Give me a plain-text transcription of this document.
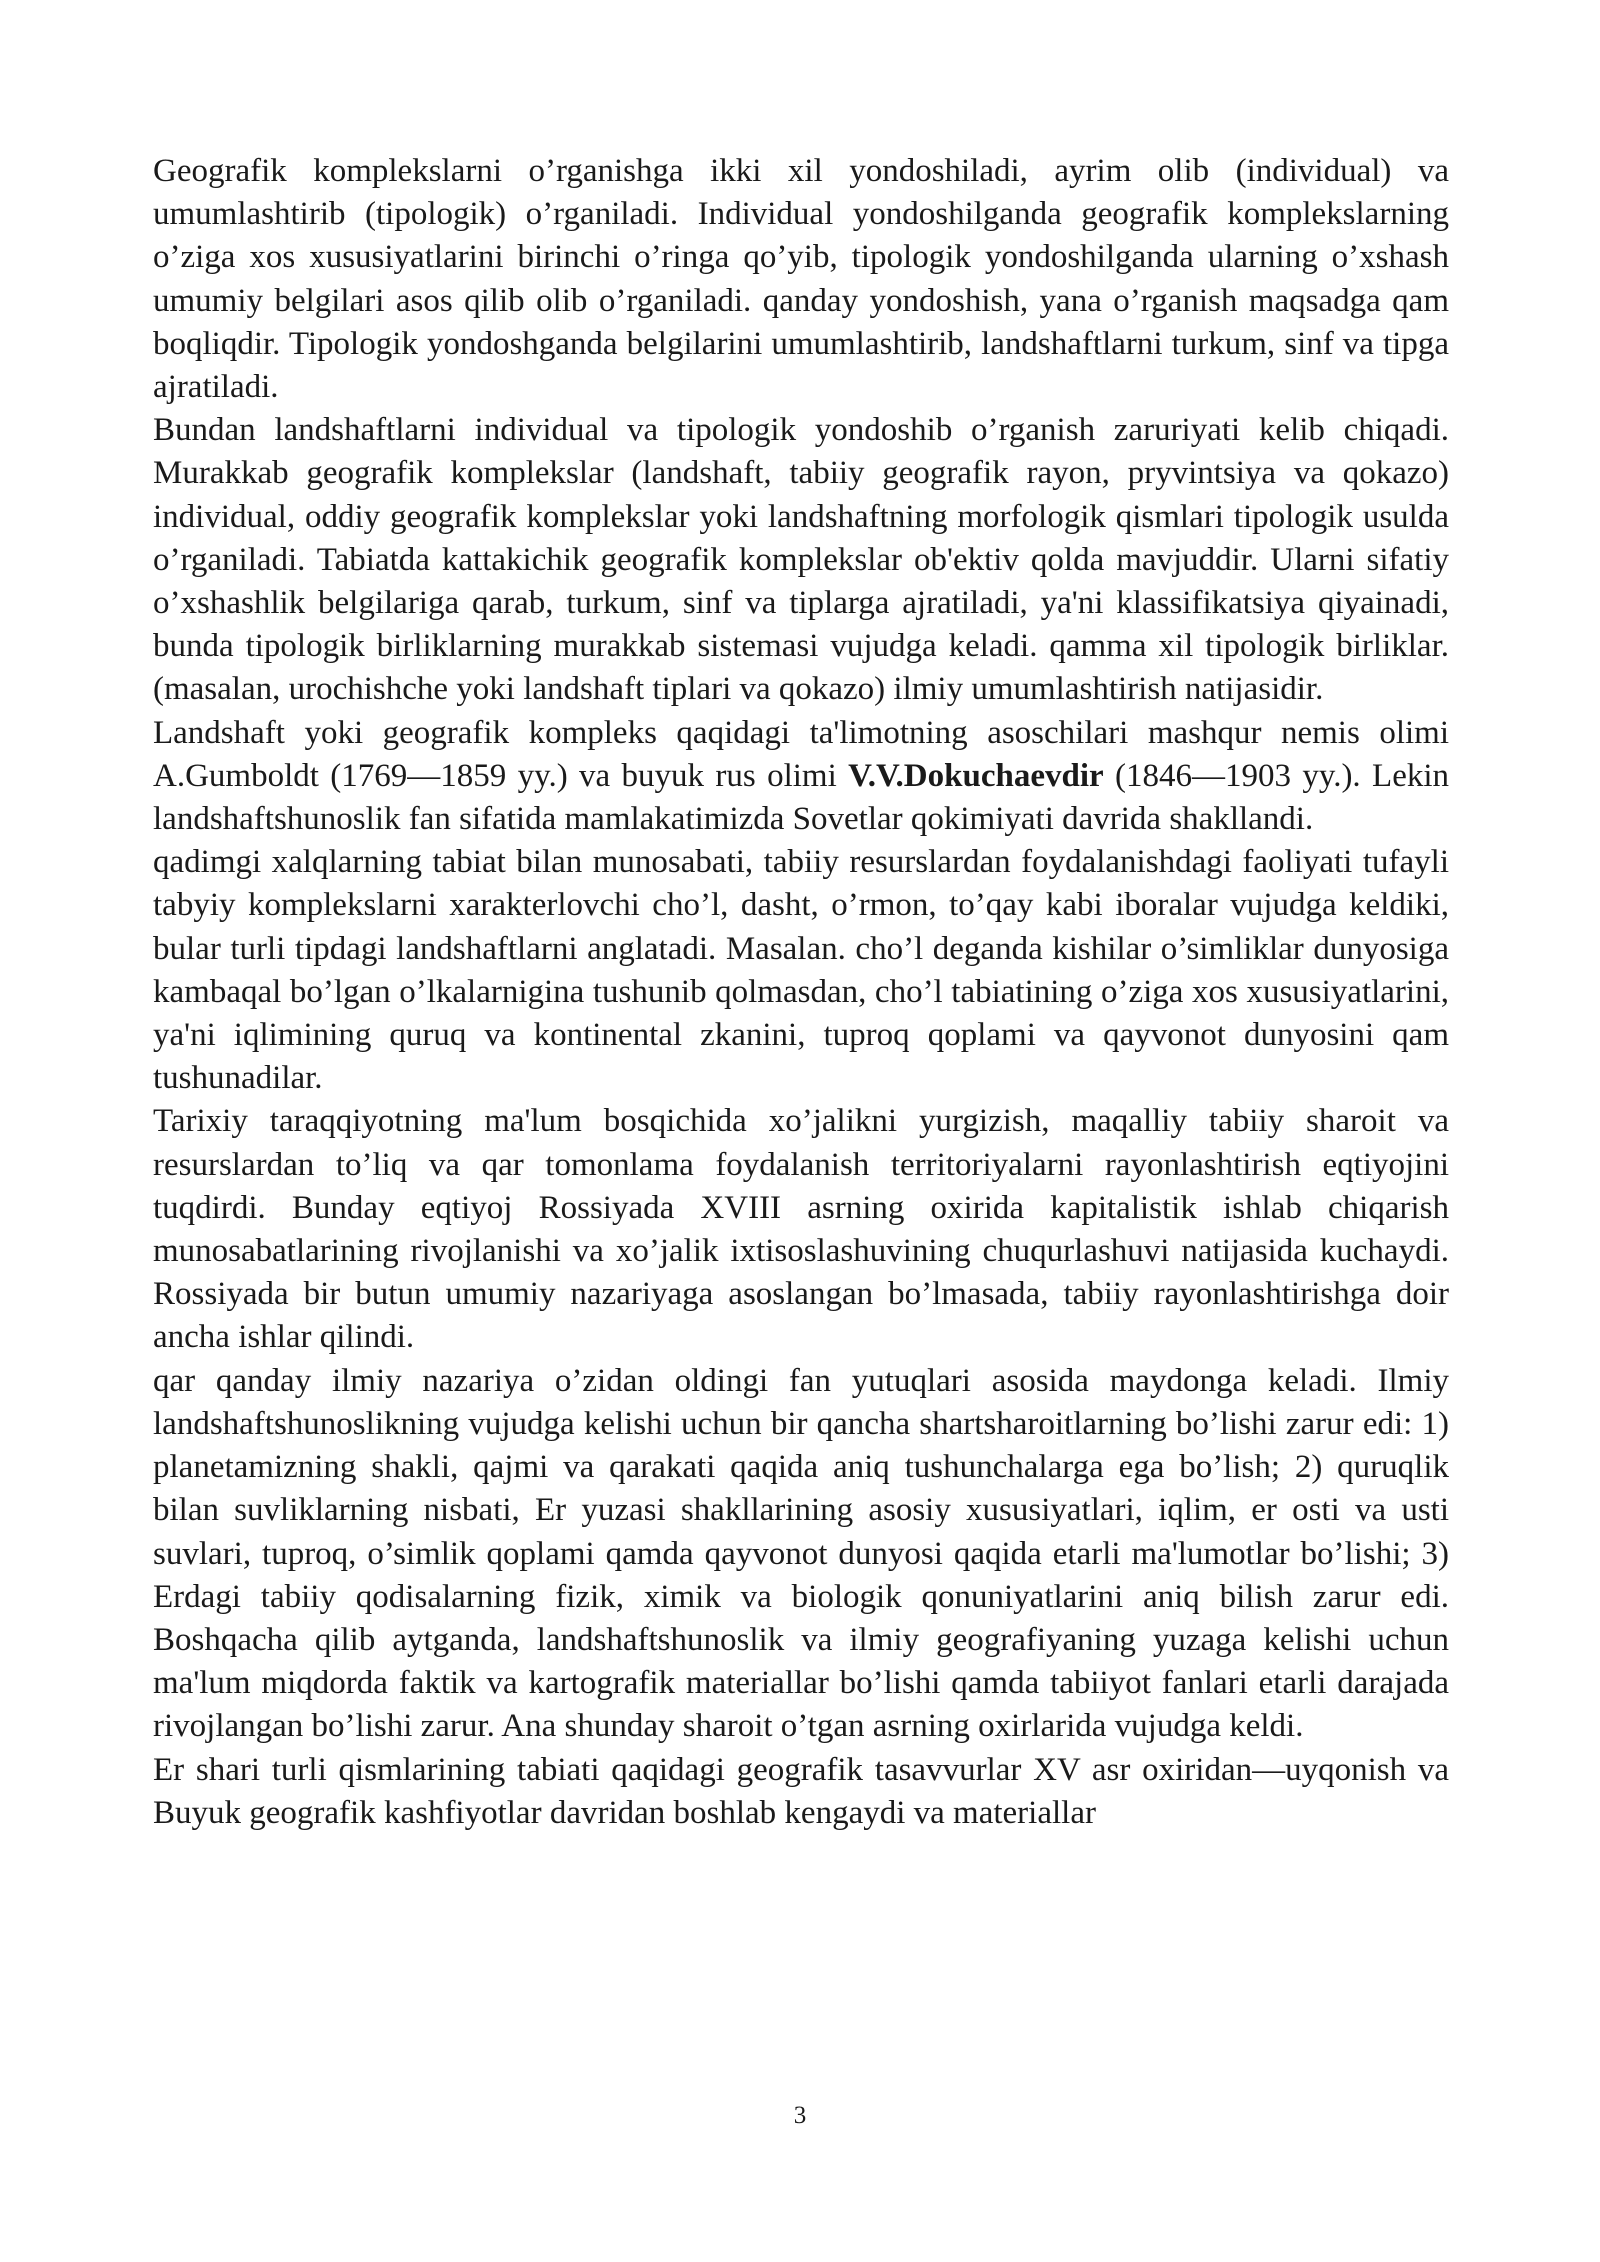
Geografik komplekslarni o’rganishga ikki xil yondoshiladi, ayrim olib (individual) va umumlashtirib (tipologik) o’rganiladi. Individual yondoshilganda geografik komplekslarning o’ziga xos xususiyatlarini birinchi o’ringa qo’yib, tipologik yondoshilganda ularning o’xshash umumiy belgilari asos qilib olib o’rganiladi. qanday yondoshish, yana o’rganish maqsadga qam boqliqdir. Tipologik yondoshganda belgilarini umumlashtirib, landshaftlarni turkum, sinf va tipga ajratiladi.

Bundan landshaftlarni individual va tipologik yondoshib o’rganish zaruriyati kelib chiqadi. Murakkab geografik komplekslar (landshaft, tabiiy geografik rayon, pryvintsiya va qokazo) individual, oddiy geografik komplekslar yoki landshaftning morfologik qismlari tipologik usulda o’rganiladi. Tabiatda kattakichik geografik komplekslar ob'ektiv qolda mavjuddir. Ularni sifatiy o’xshashlik belgilariga qarab, turkum, sinf va tiplarga ajratiladi, ya'ni klassifikatsiya qiyainadi, bunda tipologik birliklarning murakkab sistemasi vujudga keladi. qamma xil tipologik birliklar. (masalan, urochishche yoki landshaft tiplari va qokazo) ilmiy umumlashtirish natijasidir.

Landshaft yoki geografik kompleks qaqidagi ta'limotning asoschilari mashqur nemis olimi A.Gumboldt (1769—1859 yy.) va buyuk rus olimi V.V.Dokuchaevdir (1846—1903 yy.). Lekin landshaftshunoslik fan sifatida mamlakatimizda Sovetlar qokimiyati davrida shakllandi.

qadimgi xalqlarning tabiat bilan munosabati, tabiiy resurslardan foydalanishdagi faoliyati tufayli tabyiy komplekslarni xarakterlovchi cho’l, dasht, o’rmon, to’qay kabi iboralar vujudga keldiki, bular turli tipdagi landshaftlarni anglatadi. Masalan. cho’l deganda kishilar o’simliklar dunyosiga kambaqal bo’lgan o’lkalarnigina tushunib qolmasdan, cho’l tabiatining o’ziga xos xususiyatlarini, ya'ni iqlimining quruq va kontinental zkanini, tuproq qoplami va qayvonot dunyosini qam tushunadilar.

Tarixiy taraqqiyotning ma'lum bosqichida xo’jalikni yurgizish, maqalliy tabiiy sharoit va resurslardan to’liq va qar tomonlama foydalanish territoriyalarni rayonlashtirish eqtiyojini tuqdirdi. Bunday eqtiyoj Rossiyada XVIII asrning oxirida kapitalistik ishlab chiqarish munosabatlarining rivojlanishi va xo’jalik ixtisoslashuvining chuqurlashuvi natijasida kuchaydi. Rossiyada bir butun umumiy nazariyaga asoslangan bo’lmasada, tabiiy rayonlashtirishga doir ancha ishlar qilindi.

qar qanday ilmiy nazariya o’zidan oldingi fan yutuqlari asosida maydonga keladi. Ilmiy landshaftshunoslikning vujudga kelishi uchun bir qancha shartsharoitlarning bo’lishi zarur edi: 1) planetamizning shakli, qajmi va qarakati qaqida aniq tushunchalarga ega bo’lish; 2) quruqlik bilan suvliklarning nisbati, Er yuzasi shakllarining asosiy xususiyatlari, iqlim, er osti va usti suvlari, tuproq, o’simlik qoplami qamda qayvonot dunyosi qaqida etarli ma'lumotlar bo’lishi; 3) Erdagi tabiiy qodisalarning fizik, ximik va biologik qonuniyatlarini aniq bilish zarur edi. Boshqacha qilib aytganda, landshaftshunoslik va ilmiy geografiyaning yuzaga kelishi uchun ma'lum miqdorda faktik va kartografik materiallar bo’lishi qamda tabiiyot fanlari etarli darajada rivojlangan bo’lishi zarur. Ana shunday sharoit o’tgan asrning oxirlarida vujudga keldi.

Er shari turli qismlarining tabiati qaqidagi geografik tasavvurlar XV asr oxiridan—uyqonish va Buyuk geografik kashfiyotlar davridan boshlab kengaydi va materiallar

3
